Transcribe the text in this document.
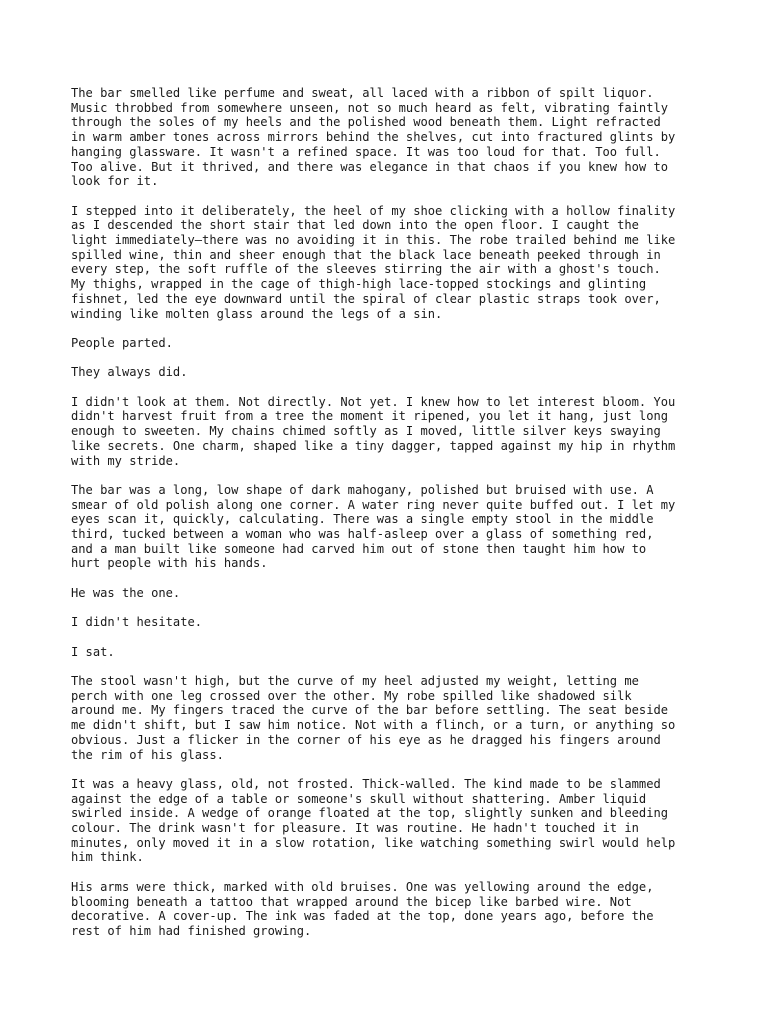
The bar smelled like perfume and sweat, all laced with a ribbon of spilt liquor.
Music throbbed from somewhere unseen, not so much heard as felt, vibrating faintly
through the soles of my heels and the polished wood beneath them. Light refracted
in warm amber tones across mirrors behind the shelves, cut into fractured glints by
hanging glassware. It wasn't a refined space. It was too loud for that. Too full.
Too alive. But it thrived, and there was elegance in that chaos if you knew how to
look for it.

I stepped into it deliberately, the heel of my shoe clicking with a hollow finality
as I descended the short stair that led down into the open floor. I caught the
light immediately—there was no avoiding it in this. The robe trailed behind me like
spilled wine, thin and sheer enough that the black lace beneath peeked through in
every step, the soft ruffle of the sleeves stirring the air with a ghost's touch.
My thighs, wrapped in the cage of thigh-high lace-topped stockings and glinting
fishnet, led the eye downward until the spiral of clear plastic straps took over,
winding like molten glass around the legs of a sin.

People parted.

They always did.

I didn't look at them. Not directly. Not yet. I knew how to let interest bloom. You
didn't harvest fruit from a tree the moment it ripened, you let it hang, just long
enough to sweeten. My chains chimed softly as I moved, little silver keys swaying
like secrets. One charm, shaped like a tiny dagger, tapped against my hip in rhythm
with my stride.

The bar was a long, low shape of dark mahogany, polished but bruised with use. A
smear of old polish along one corner. A water ring never quite buffed out. I let my
eyes scan it, quickly, calculating. There was a single empty stool in the middle
third, tucked between a woman who was half-asleep over a glass of something red,
and a man built like someone had carved him out of stone then taught him how to
hurt people with his hands.

He was the one.

I didn't hesitate.

I sat.

The stool wasn't high, but the curve of my heel adjusted my weight, letting me
perch with one leg crossed over the other. My robe spilled like shadowed silk
around me. My fingers traced the curve of the bar before settling. The seat beside
me didn't shift, but I saw him notice. Not with a flinch, or a turn, or anything so
obvious. Just a flicker in the corner of his eye as he dragged his fingers around
the rim of his glass.

It was a heavy glass, old, not frosted. Thick-walled. The kind made to be slammed
against the edge of a table or someone's skull without shattering. Amber liquid
swirled inside. A wedge of orange floated at the top, slightly sunken and bleeding
colour. The drink wasn't for pleasure. It was routine. He hadn't touched it in
minutes, only moved it in a slow rotation, like watching something swirl would help
him think.

His arms were thick, marked with old bruises. One was yellowing around the edge,
blooming beneath a tattoo that wrapped around the bicep like barbed wire. Not
decorative. A cover-up. The ink was faded at the top, done years ago, before the
rest of him had finished growing.
